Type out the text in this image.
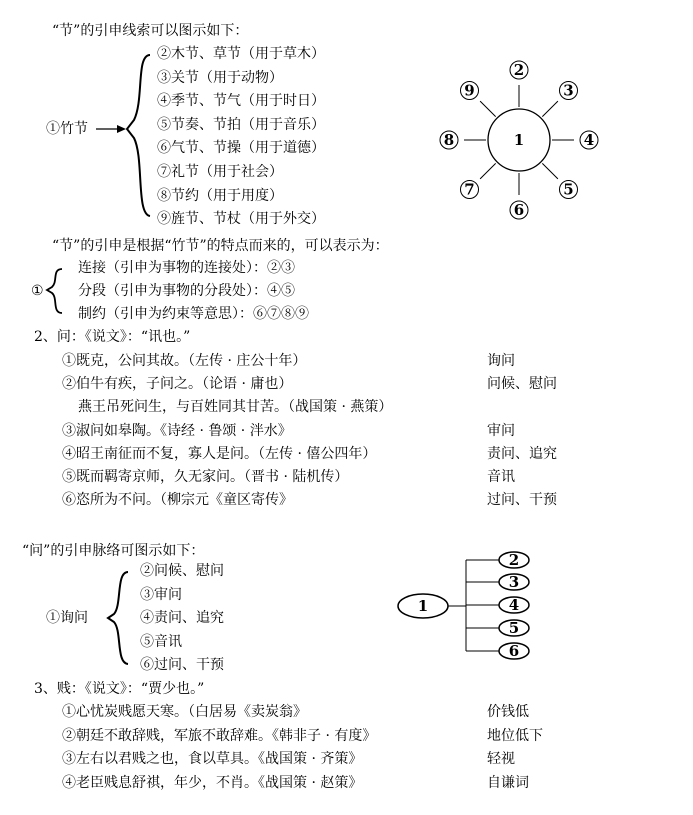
“节”的引申线索可以图示如下：
①竹节
②木节、草节（用于草木）
③关节（用于动物）
④季节、节气（用于时日）
⑤节奏、节拍（用于音乐）
⑥气节、节操（用于道德）
⑦礼节（用于社会）
⑧节约（用于用度）
⑨旌节、节杖（用于外交）
1
2
3
4
5
6
7
8
9
“节”的引申是根据“竹节”的特点而来的，可以表示为：
①
连接（引申为事物的连接处）：②③
分段（引申为事物的分段处）：④⑤
制约（引申为约束等意思）：⑥⑦⑧⑨
2、问：《说文》：“讯也。”
①既克，公问其故。（左传 · 庄公十年）	询问
②伯牛有疾，子问之。（论语 · 庸也）	问候、慰问
燕王吊死问生，与百姓同其甘苦。（战国策 · 燕策）
③淑问如皋陶。《诗经 · 鲁颂 · 泮水》	审问
④昭王南征而不复，寡人是问。（左传 · 僖公四年）	责问、追究
⑤既而羁寄京师，久无家问。（晋书 · 陆机传）	音讯
⑥恣所为不问。（柳宗元《童区寄传》	过问、干预
“问”的引申脉络可图示如下：
①询问
②问候、慰问
③审问
④责问、追究
⑤音讯
⑥过问、干预
1
2
3
4
5
6
3、贱：《说文》：“贾少也。”
①心忧炭贱愿天寒。（白居易《卖炭翁》	价钱低
②朝廷不敢辞贱，军旅不敢辞难。《韩非子 · 有度》	地位低下
③左右以君贱之也，食以草具。《战国策 · 齐策》	轻视
④老臣贱息舒祺，年少，不肖。《战国策 · 赵策》	自谦词
